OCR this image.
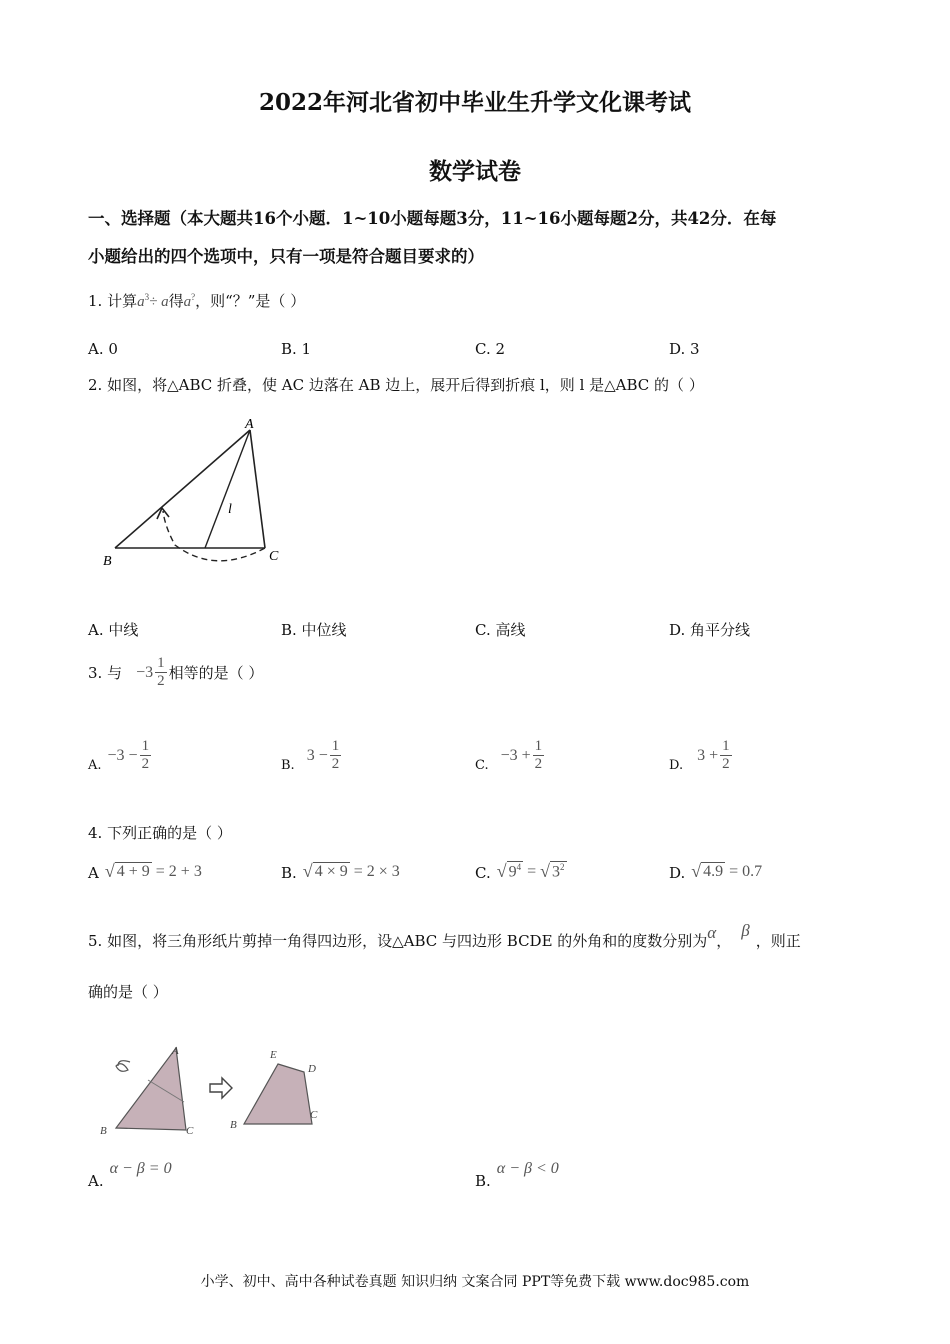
2022年河北省初中毕业生升学文化课考试
数学试卷
一、选择题（本大题共16个小题．1~10小题每题3分，11~16小题每题2分，共42分．在每
小题给出的四个选项中，只有一项是符合题目要求的）
1. 计算$a^3\div a$得a?，则“？”是（ ）
A. 0	B. 1	C. 2	D. 3
2. 如图，将△ABC 折叠，使 AC 边落在 AB 边上，展开后得到折痕 l，则 l 是△ABC 的（ ）
A
B	C
l
A. 中线	B. 中位线	C. 高线	D. 角平分线
3. 与 $-3 \frac{1}{2}$ 相等的是（ ）
A.
$-3 - \frac{1}{2}$	B.
$3 - \frac{1}{2}$	C.
$-3 + \frac{1}{2}$	D.
$3 + \frac{1}{2}$
4. 下列正确的是（ ）
A √ 4 + 9
= 2 + 3	B. √ 4 × 9
= 2 × 3	C. √ $9^4$
=
√ $3^2$	D. √ 4.9
= 0.7
5. 如图，将三角形纸片剪掉一角得四边形，设△ABC 与四边形 BCDE 的外角和的度数分别为α，β，则正
确的是（ ）
A
B	C
E
D
B
C
A.
α − β = 0
B.
α − β < 0
小学、初中、高中各种试卷真题 知识归纳 文案合同 PPT等免费下载 www.doc985.com
